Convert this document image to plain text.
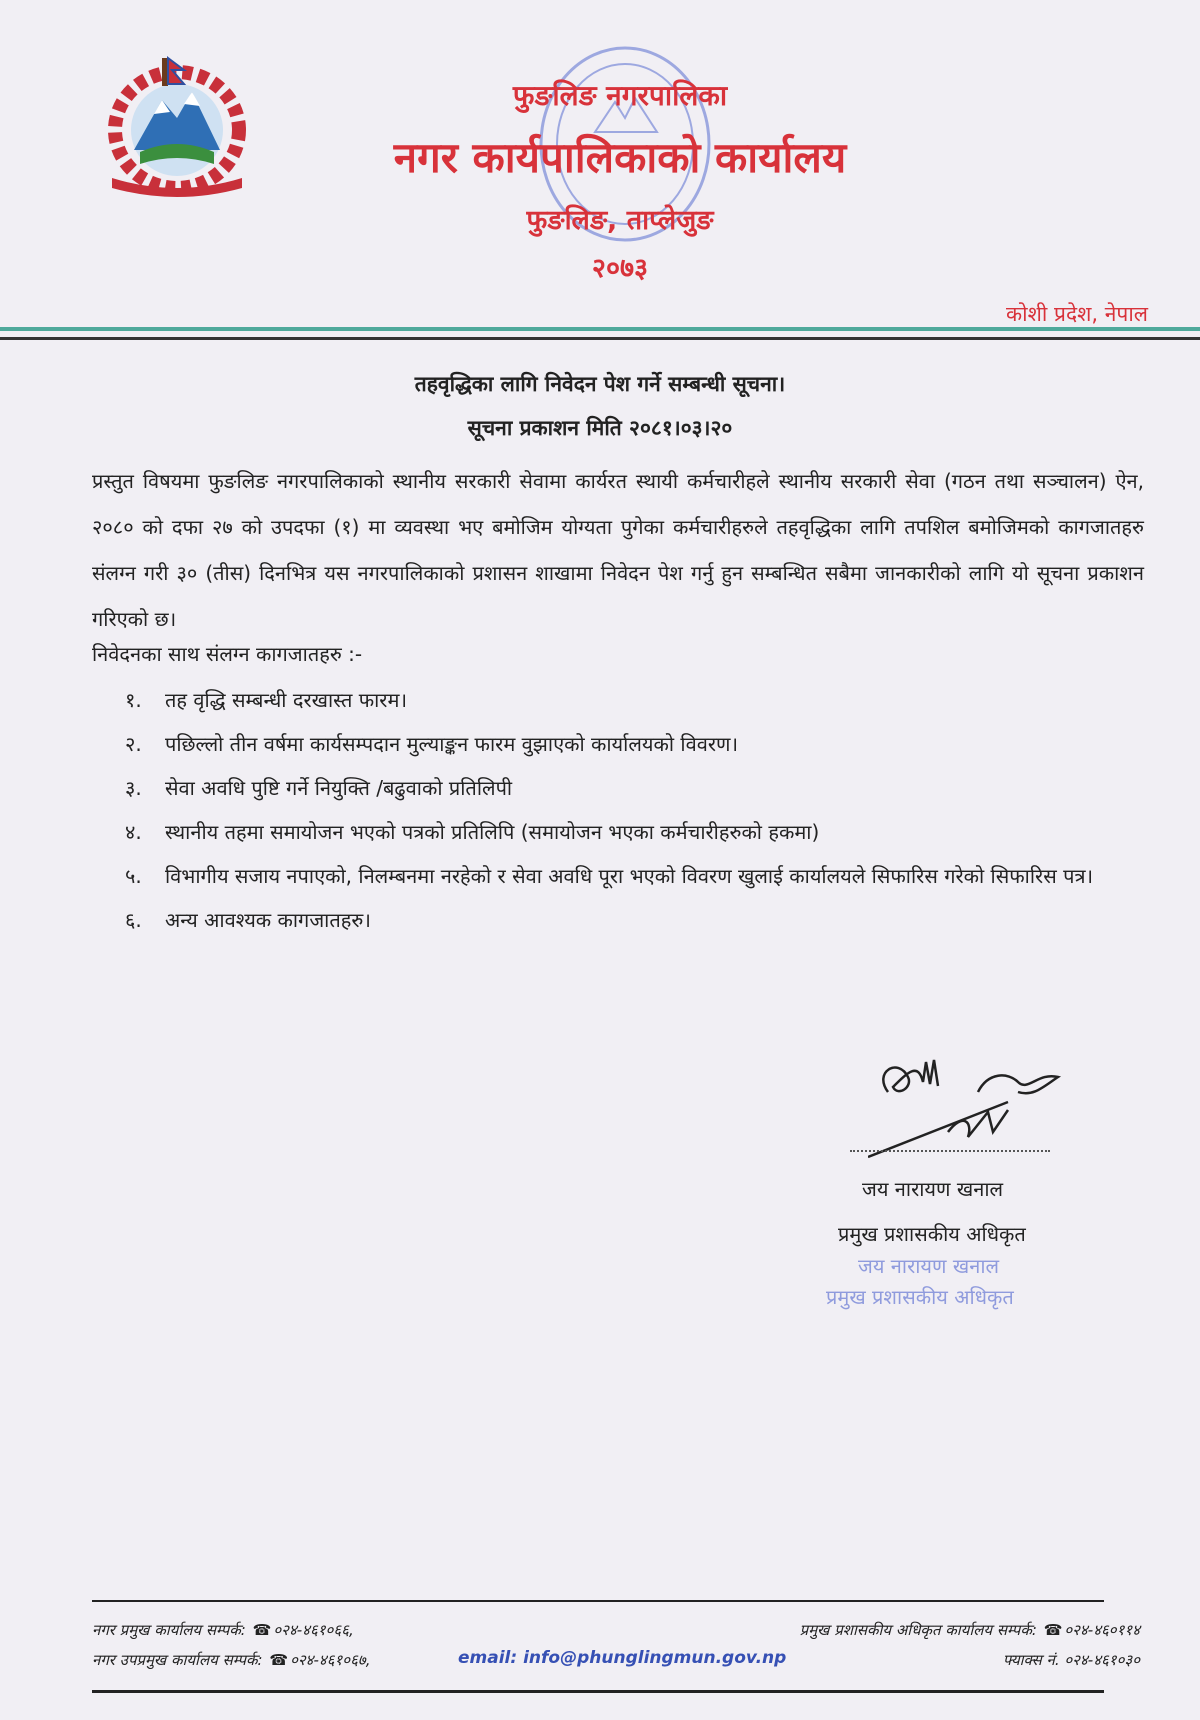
फुङलिङ नगरपालिका
नगर कार्यपालिकाको कार्यालय
फुङलिङ, ताप्लेजुङ
२०७३
कोशी प्रदेश, नेपाल
तहवृद्धिका लागि निवेदन पेश गर्ने सम्बन्धी सूचना।
सूचना प्रकाशन मिति २०८१।०३।२०
प्रस्तुत विषयमा फुङलिङ नगरपालिकाको स्थानीय सरकारी सेवामा कार्यरत स्थायी कर्मचारीहले स्थानीय सरकारी सेवा (गठन तथा सञ्चालन) ऐन, २०८० को दफा २७ को उपदफा (१) मा व्यवस्था भए बमोजिम योग्यता पुगेका कर्मचारीहरुले तहवृद्धिका लागि तपशिल बमोजिमको कागजातहरु संलग्न गरी ३० (तीस) दिनभित्र यस नगरपालिकाको प्रशासन शाखामा निवेदन पेश गर्नु हुन सम्बन्धित सबैमा जानकारीको लागि यो सूचना प्रकाशन गरिएको छ।
निवेदनका साथ संलग्न कागजातहरु :-
१.	तह वृद्धि सम्बन्धी दरखास्त फारम।
२.	पछिल्लो तीन वर्षमा कार्यसम्पदान मुल्याङ्कन फारम वुझाएको कार्यालयको विवरण।
३.	सेवा अवधि पुष्टि गर्ने नियुक्ति /बढुवाको प्रतिलिपी
४.	स्थानीय तहमा समायोजन भएको पत्रको प्रतिलिपि (समायोजन भएका कर्मचारीहरुको हकमा)
५.	विभागीय सजाय नपाएको, निलम्बनमा नरहेको र सेवा अवधि पूरा भएको विवरण खुलाई कार्यालयले सिफारिस गरेको सिफारिस पत्र।
६.	अन्य आवश्यक कागजातहरु।
जय नारायण खनाल
प्रमुख प्रशासकीय अधिकृत
जय नारायण खनाल
प्रमुख प्रशासकीय अधिकृत
नगर प्रमुख कार्यालय सम्पर्क: ☎ ०२४-४६१०६६,
नगर उपप्रमुख कार्यालय सम्पर्क: ☎ ०२४-४६१०६७,	email: info@phunglingmun.gov.np
प्रमुख प्रशासकीय अधिकृत कार्यालय सम्पर्क: ☎ ०२४-४६०११४
फ्याक्स नं. ०२४-४६१०३०
